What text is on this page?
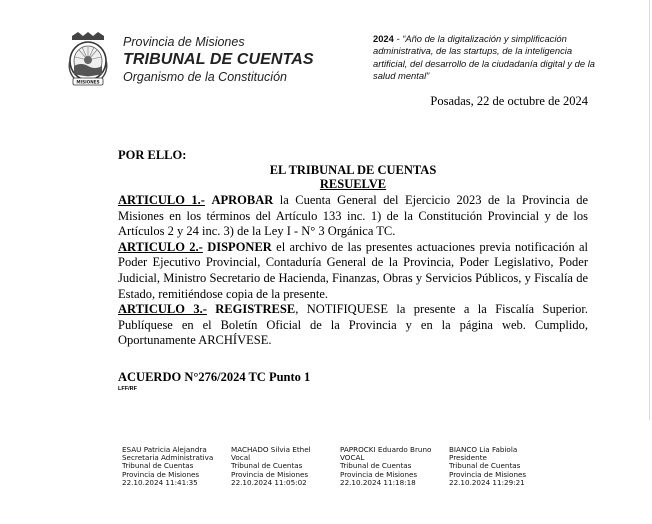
MISIONES
Provincia de Misiones
TRIBUNAL DE CUENTAS
Organismo de la Constitución
2024 - “Año de la digitalización y simplificación administrativa, de las startups, de la inteligencia artificial, del desarrollo de la ciudadanía digital y de la salud mental”
Posadas, 22 de octubre de 2024
POR ELLO:
EL TRIBUNAL DE CUENTAS
RESUELVE

ARTICULO 1.- APROBAR la Cuenta General del Ejercicio 2023 de la Provincia de Misiones en los términos del Artículo 133 inc. 1) de la Constitución Provincial y de los Artículos 2 y 24 inc. 3) de la Ley I - N° 3 Orgánica TC.

ARTICULO 2.- DISPONER el archivo de las presentes actuaciones previa notificación al Poder Ejecutivo Provincial, Contaduría General de la Provincia, Poder Legislativo, Poder Judicial, Ministro Secretario de Hacienda, Finanzas, Obras y Servicios Públicos, y Fiscalía de Estado, remitiéndose copia de la presente.

ARTICULO 3.- REGISTRESE, NOTIFIQUESE la presente a la Fiscalía Superior. Publíquese en el Boletín Oficial de la Provincia y en la página web. Cumplido, Oportunamente ARCHÍVESE.

ACUERDO N°276/2024 TC Punto 1
LFF/RF
ESAU Patricia Alejandra
Secretaria Administrativa
Tribunal de Cuentas
Provincia de Misiones
22.10.2024 11:41:35
MACHADO Silvia Ethel
Vocal
Tribunal de Cuentas
Provincia de Misiones
22.10.2024 11:05:02
PAPROCKI Eduardo Bruno
VOCAL
Tribunal de Cuentas
Provincia de Misiones
22.10.2024 11:18:18
BIANCO Lia Fabiola
Presidente
Tribunal de Cuentas
Provincia de Misiones
22.10.2024 11:29:21
